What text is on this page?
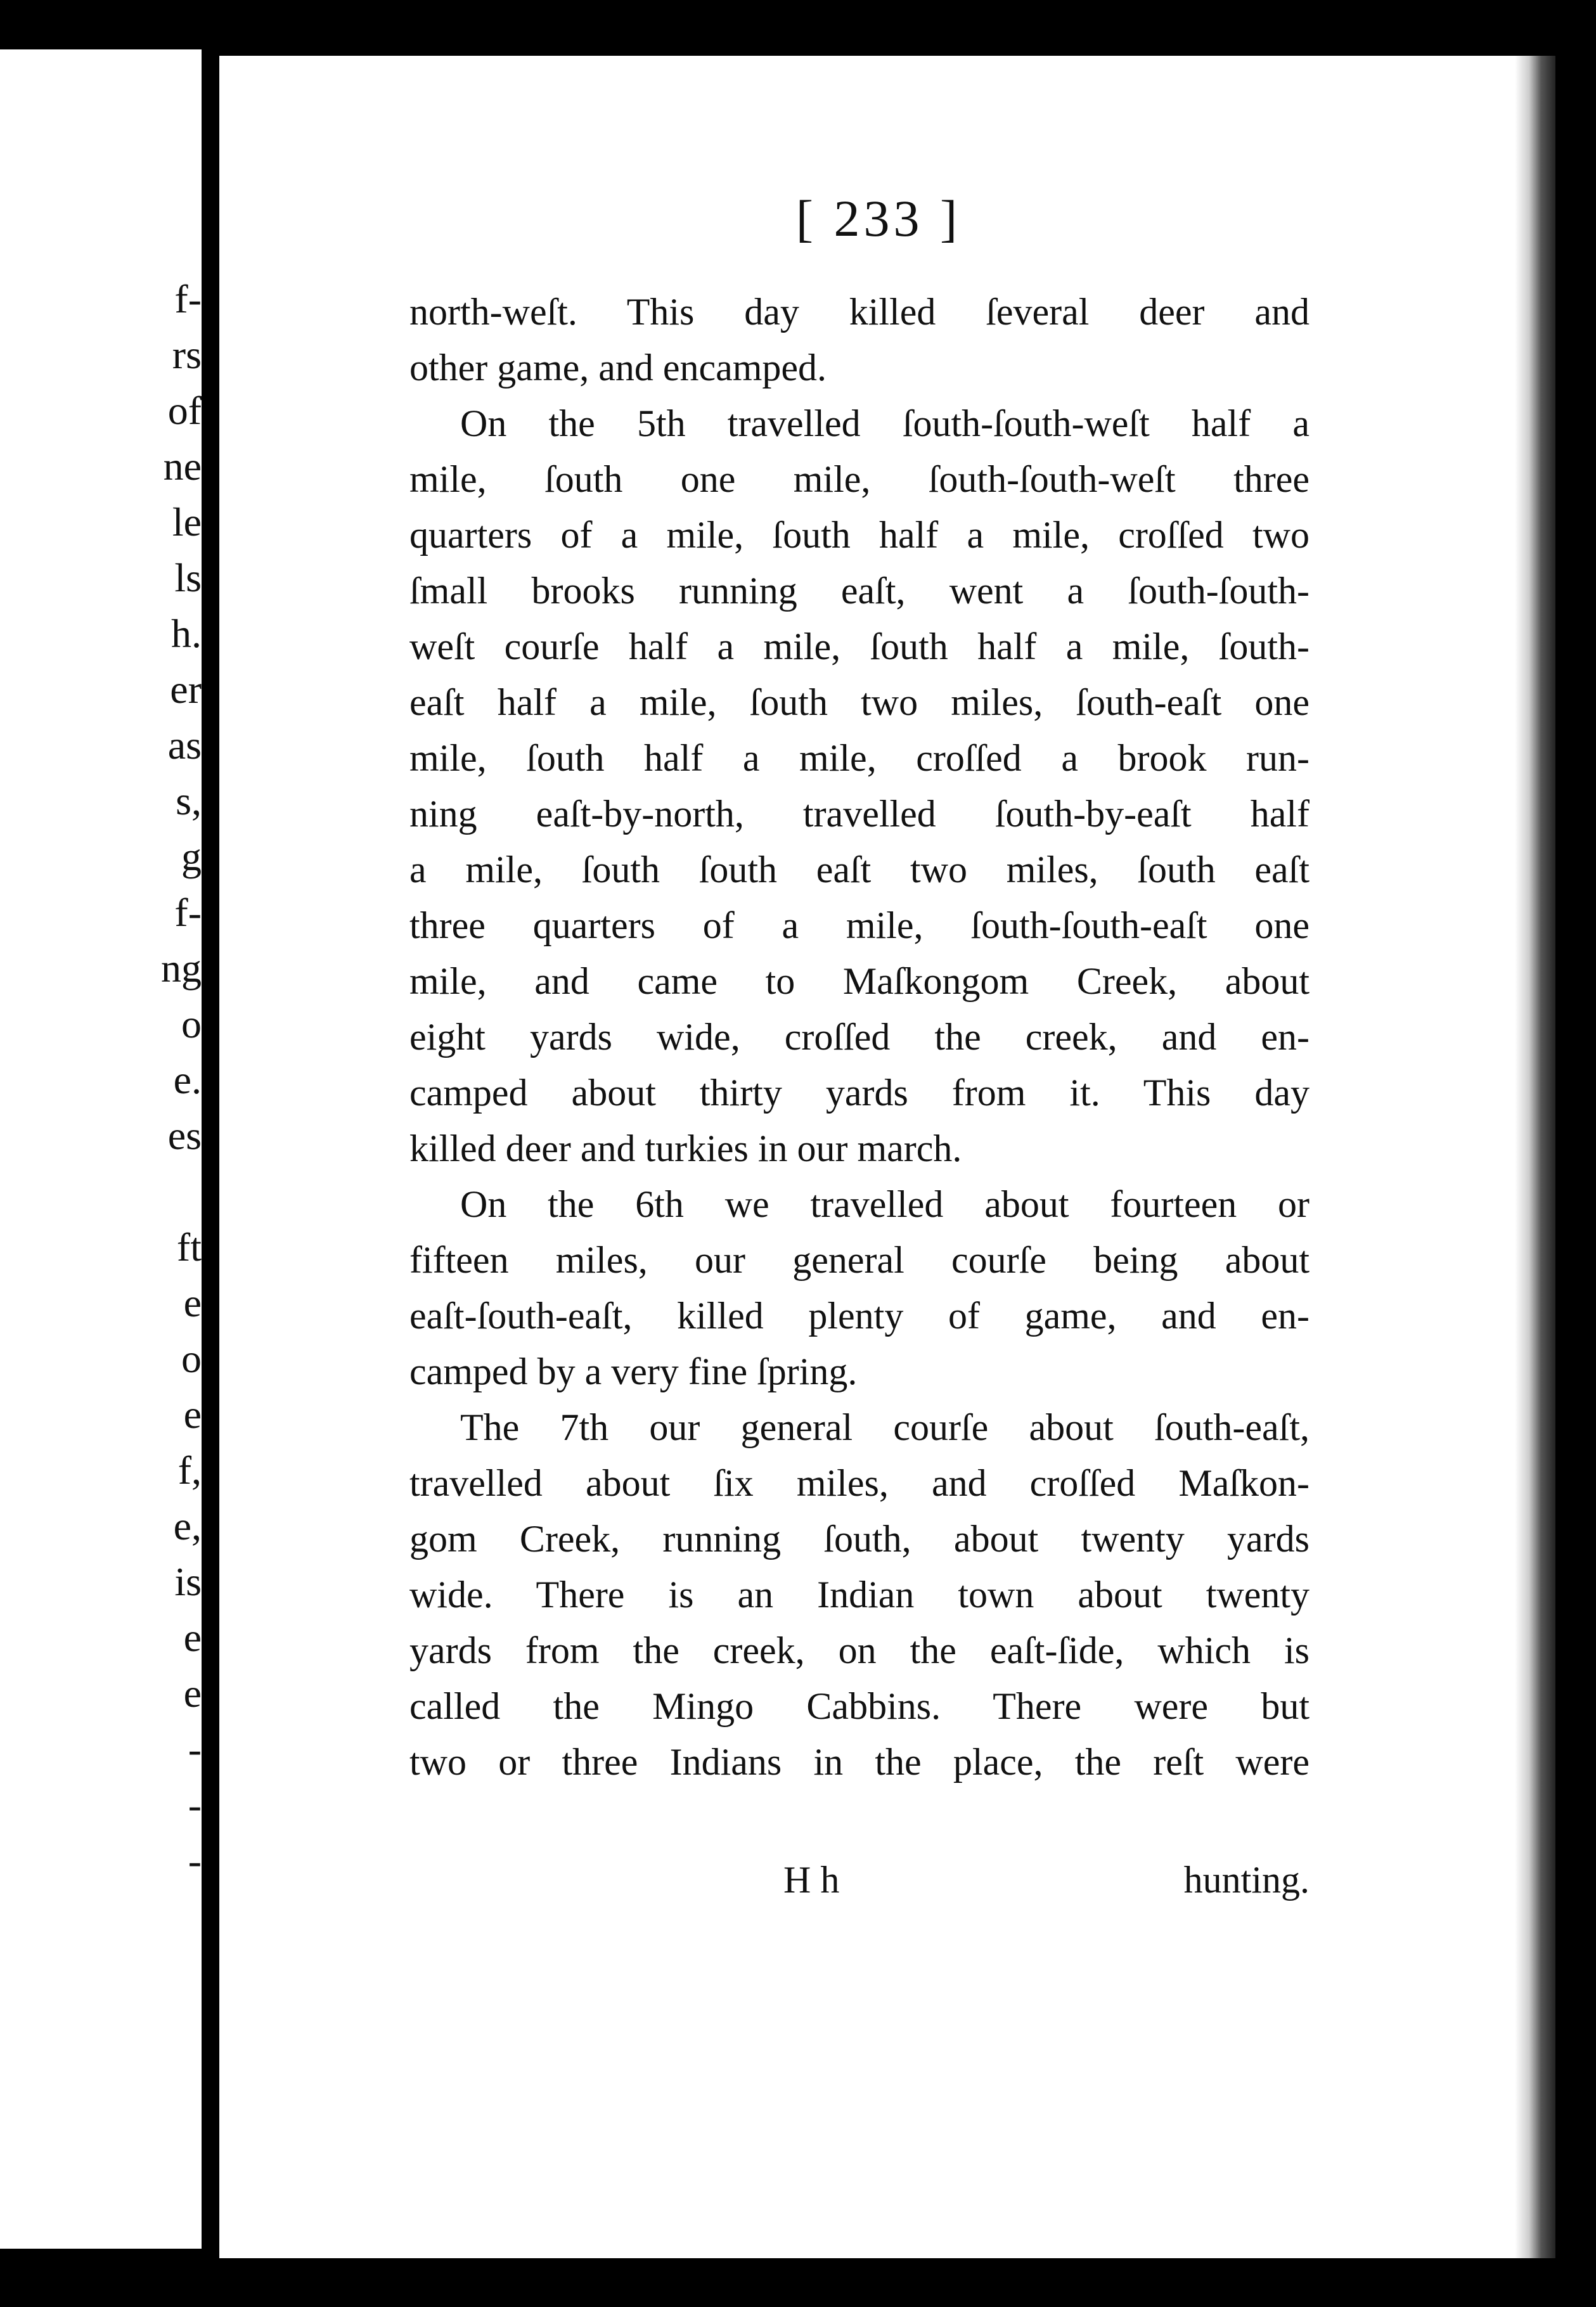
f-
rs
of
ne
le
ls
h.
er
as
s,
g
f-
ng
o
e.
es
ft
e
o
e
f,
e,
is
e
e
-
-
-
[ 233 ]
north-weſt. This day killed ſeveral deer and
other game, and encamped.
On the 5th travelled ſouth-ſouth-weſt half a
mile, ſouth one mile, ſouth-ſouth-weſt three
quarters of a mile, ſouth half a mile, croſſed two
ſmall brooks running eaſt, went a ſouth-ſouth-
weſt courſe half a mile, ſouth half a mile, ſouth-
eaſt half a mile, ſouth two miles, ſouth-eaſt one
mile, ſouth half a mile, croſſed a brook run-
ning eaſt-by-north, travelled ſouth-by-eaſt half
a mile, ſouth ſouth eaſt two miles, ſouth eaſt
three quarters of a mile, ſouth-ſouth-eaſt one
mile, and came to Maſkongom Creek, about
eight yards wide, croſſed the creek, and en-
camped about thirty yards from it. This day
killed deer and turkies in our march.
On the 6th we travelled about fourteen or
fifteen miles, our general courſe being about
eaſt-ſouth-eaſt, killed plenty of game, and en-
camped by a very fine ſpring.
The 7th our general courſe about ſouth-eaſt,
travelled about ſix miles, and croſſed Maſkon-
gom Creek, running ſouth, about twenty yards
wide. There is an Indian town about twenty
yards from the creek, on the eaſt-ſide, which is
called the Mingo Cabbins. There were but
two or three Indians in the place, the reſt were
H h	hunting.
